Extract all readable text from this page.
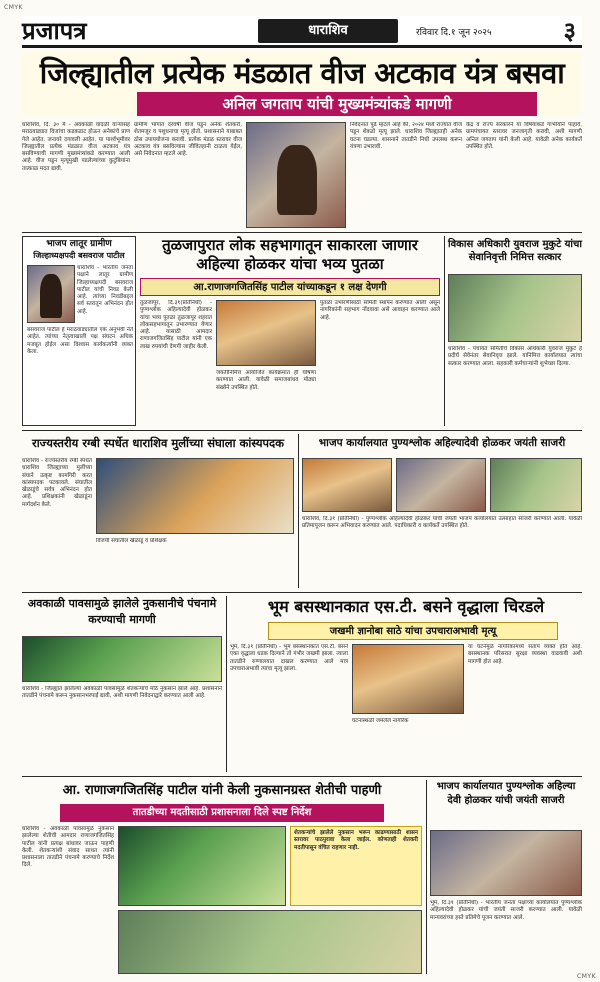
CMYK
CMYK
प्रजापत्र	धाराशिव	रविवार दि.१ जून २०२५	३
जिल्ह्यातील प्रत्येक मंडळात वीज अटकाव यंत्र बसवा
अनिल जगताप यांची मुख्यमंत्र्यांकडे मागणी
धाराशिव, दि. ३० मे - अवकाळी वादळी वाऱ्यासह मराठवाड्यात विजांचा कडकडाट होऊन अनेकांचे प्राण गेले आहेत. जनावरे दगावली आहेत. या पार्श्वभूमीवर जिल्ह्यातील प्रत्येक मंडळात वीज अटकाव यंत्र बसविण्याची मागणी मुख्यमंत्र्यांकडे करण्यात आली आहे. वीज पडून मृत्यूमुखी पडलेल्यांच्या कुटुंबियांना तात्काळ मदत द्यावी.
ग्रामीण भागात दरवर्षी वीज पडून अनेक शेतकरी, शेतमजूर व पशुधनाचा मृत्यू होतो. प्रशासनाने याबाबत ठोस उपाययोजना करावी. प्रत्येक मंडळ स्तरावर वीज अटकाव यंत्र बसविल्यास जीवितहानी टाळता येईल, असे निवेदनात म्हटले आहे.
निवेदनात पुढे म्हटले आहे की, २०२४ मध्ये राज्यात वीज पडून शेकडो मृत्यू झाले. धाराशिव जिल्ह्यातही अनेक घटना घडल्या. शासनाने तातडीने निधी उपलब्ध करून यंत्रणा उभारावी.
केंद्र व राज्य सरकारने या विषयाकडे गांभीर्याने पाहावे. ग्रामपंचायत स्तरावर जनजागृती करावी, अशी मागणी अनिल जगताप यांनी केली आहे. यावेळी अनेक कार्यकर्ते उपस्थित होते.
भाजप लातूर ग्रामीण
जिल्हाध्यक्षपदी बसवराज पाटील
धाराशिव - भारतीय जनता पक्षाने लातूर ग्रामीण जिल्हाध्यक्षपदी बसवराज पाटील यांची निवड केली आहे. त्यांच्या निवडीबद्दल सर्व स्तरातून अभिनंदन होत आहे.
बसवराज पाटील हे मराठवाड्यातील एक अनुभवी नेते आहेत. त्यांच्या नेतृत्वाखाली पक्ष संघटन अधिक मजबूत होईल असा विश्वास कार्यकर्त्यांनी व्यक्त केला.
तुळजापुरात लोक सहभागातून साकारला जाणार अहिल्या होळकर यांचा भव्य पुतळा
आ.राणाजगजितसिंह पाटील यांच्याकडून १ लक्ष देणगी
तुळजापूर, दि.३१(प्रतिनिधी) - पुण्यश्लोक अहिल्यादेवी होळकर यांचा भव्य पुतळा तुळजापूर शहरात लोकसहभागातून उभारण्यात येणार आहे. यासाठी आमदार राणाजगजितसिंह पाटील यांनी एक लाख रुपयांची देणगी जाहीर केली.
जयंतीनिमित्त आयोजित कार्यक्रमात ही घोषणा करण्यात आली. यावेळी समाजबांधव मोठ्या संख्येने उपस्थित होते.
पुतळा उभारणीसाठी समिती स्थापन करण्यात आली असून नागरिकांनी सहभाग नोंदवावा असे आवाहन करण्यात आले आहे.
विकास अधिकारी युवराज मुकुटे यांचा सेवानिवृत्ती निमित्त सत्कार
धाराशिव - पंचायत समितीचे विकास अधिकारी युवराज मुकुटे हे प्रदीर्घ सेवेनंतर सेवानिवृत्त झाले. यानिमित्त कार्यालयात त्यांचा सत्कार करण्यात आला. सहकारी कर्मचाऱ्यांनी शुभेच्छा दिल्या.
राज्यस्तरीय रग्बी स्पर्धेत धाराशिव मुलींच्या संघाला कांस्यपदक
धाराशिव - राज्यस्तरीय रग्बी स्पर्धेत धाराशिव जिल्ह्याच्या मुलींच्या संघाने उत्कृष्ट कामगिरी करत कांस्यपदक पटकावले. संघातील खेळाडूंचे सर्वत्र अभिनंदन होत आहे. प्रशिक्षकांनी खेळाडूंना मार्गदर्शन केले.
विजयी संघातील खेळाडू व प्रशिक्षक
भाजप कार्यालयात पुण्यश्लोक अहिल्यादेवी होळकर जयंती साजरी
धाराशिव, दि.३१ (प्रतिनिधी) - पुण्यश्लोक अहिल्यादेवी होळकर यांची जयंती भाजप कार्यालयात उत्साहात साजरी करण्यात आली. यावेळी प्रतिमापूजन करून अभिवादन करण्यात आले. पदाधिकारी व कार्यकर्ते उपस्थित होते.
अवकाळी पावसामुळे झालेले नुकसानीचे पंचनामे करण्याची मागणी
धाराशिव - जिल्ह्यात झालेल्या अवकाळी पावसामुळे शेतकऱ्यांचे मोठे नुकसान झाले आहे. प्रशासनाने तातडीने पंचनामे करून नुकसानभरपाई द्यावी, अशी मागणी निवेदनाद्वारे करण्यात आली आहे.
भूम बसस्थानकात एस.टी. बसने वृद्धाला चिरडले
जखमी ज्ञानोबा साठे यांचा उपचाराअभावी मृत्यू
भूम, दि.३१ (प्रतिनिधी) - भूम बसस्थानकात एस.टी. बसने एका वृद्धाला धडक दिल्याने तो गंभीर जखमी झाला. त्याला तातडीने रुग्णालयात दाखल करण्यात आले मात्र उपचाराअभावी त्याचा मृत्यू झाला.
घटनास्थळी जमलेले नागरिक
या घटनेमुळे नागरिकांमध्ये संताप व्यक्त होत आहे. बसस्थानक परिसरात सुरक्षा व्यवस्था वाढवावी अशी मागणी होत आहे.
आ. राणाजगजितसिंह पाटील यांनी केली नुकसानग्रस्त शेतीची पाहणी
तातडीच्या मदतीसाठी प्रशासनाला दिले स्पष्ट निर्देश
धाराशिव - अवकाळी पावसामुळे नुकसान झालेल्या शेतीची आमदार राणाजगजितसिंह पाटील यांनी प्रत्यक्ष बांधावर जाऊन पाहणी केली. शेतकऱ्यांशी संवाद साधत त्यांनी प्रशासनाला तातडीने पंचनामे करण्याचे निर्देश दिले.
शेतकऱ्यांचे झालेले नुकसान भरून काढण्यासाठी शासन स्तरावर पाठपुरावा केला जाईल. कोणताही शेतकरी मदतीपासून वंचित राहणार नाही.
भाजप कार्यालयात पुण्यश्लोक अहिल्या देवी होळकर यांची जयंती साजरी
भूम, दि.३१ (प्रतिनिधी) - भारतीय जनता पक्षाच्या कार्यालयात पुण्यश्लोक अहिल्यादेवी होळकर यांची जयंती साजरी करण्यात आली. यावेळी मान्यवरांच्या हस्ते प्रतिमेचे पूजन करण्यात आले.
